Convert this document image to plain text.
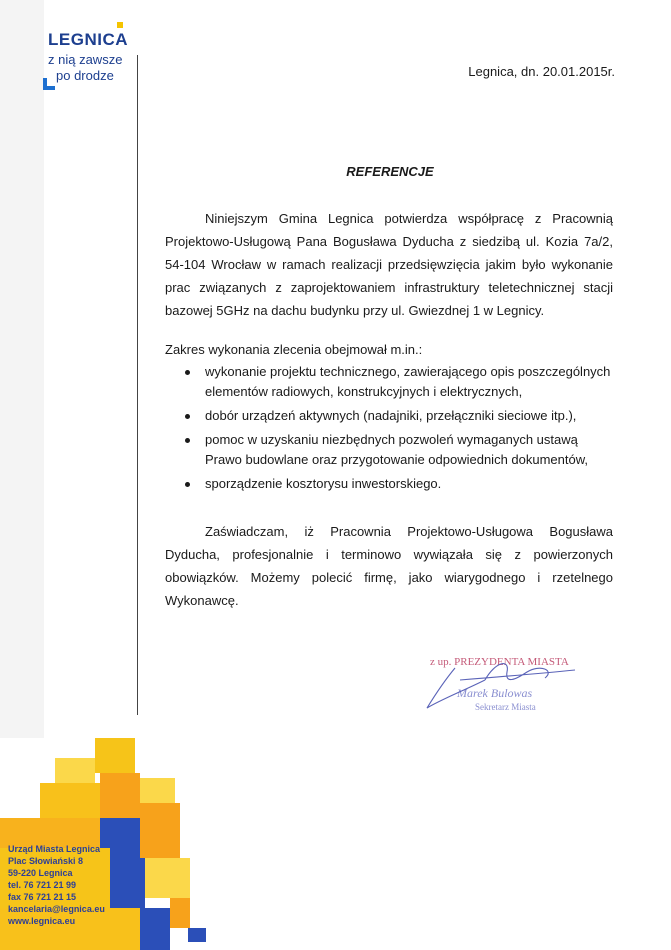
LEGNICA
z nią zawsze
po drodze	Legnica, dn. 20.01.2015r.
REFERENCJE
Niniejszym Gmina Legnica potwierdza współpracę z Pracownią
Projektowo-Usługową Pana Bogusława Dyducha z siedzibą ul. Kozia 7a/2,
54-104 Wrocław w ramach realizacji przedsięwzięcia jakim było wykonanie
prac związanych z zaprojektowaniem infrastruktury teletechnicznej stacji
bazowej 5GHz na dachu budynku przy ul. Gwiezdnej 1 w Legnicy.
Zakres wykonania zlecenia obejmował m.in.:
wykonanie projektu technicznego, zawierającego opis poszczególnych elementów radiowych, konstrukcyjnych i elektrycznych,
dobór urządzeń aktywnych (nadajniki, przełączniki sieciowe itp.),
pomoc w uzyskaniu niezbędnych pozwoleń wymaganych ustawą Prawo budowlane oraz przygotowanie odpowiednich dokumentów,
sporządzenie kosztorysu inwestorskiego.
Zaświadczam, iż Pracownia Projektowo-Usługowa Bogusława
Dyducha, profesjonalnie i terminowo wywiązała się z powierzonych
obowiązków. Możemy polecić firmę, jako wiarygodnego i rzetelnego
Wykonawcę.
z up. PREZYDENTA MIASTA
Marek Bulowas
Sekretarz Miasta
Urząd Miasta Legnica
Plac Słowiański 8
59-220 Legnica
tel. 76 721 21 99
fax 76 721 21 15
kancelaria@legnica.eu
www.legnica.eu
